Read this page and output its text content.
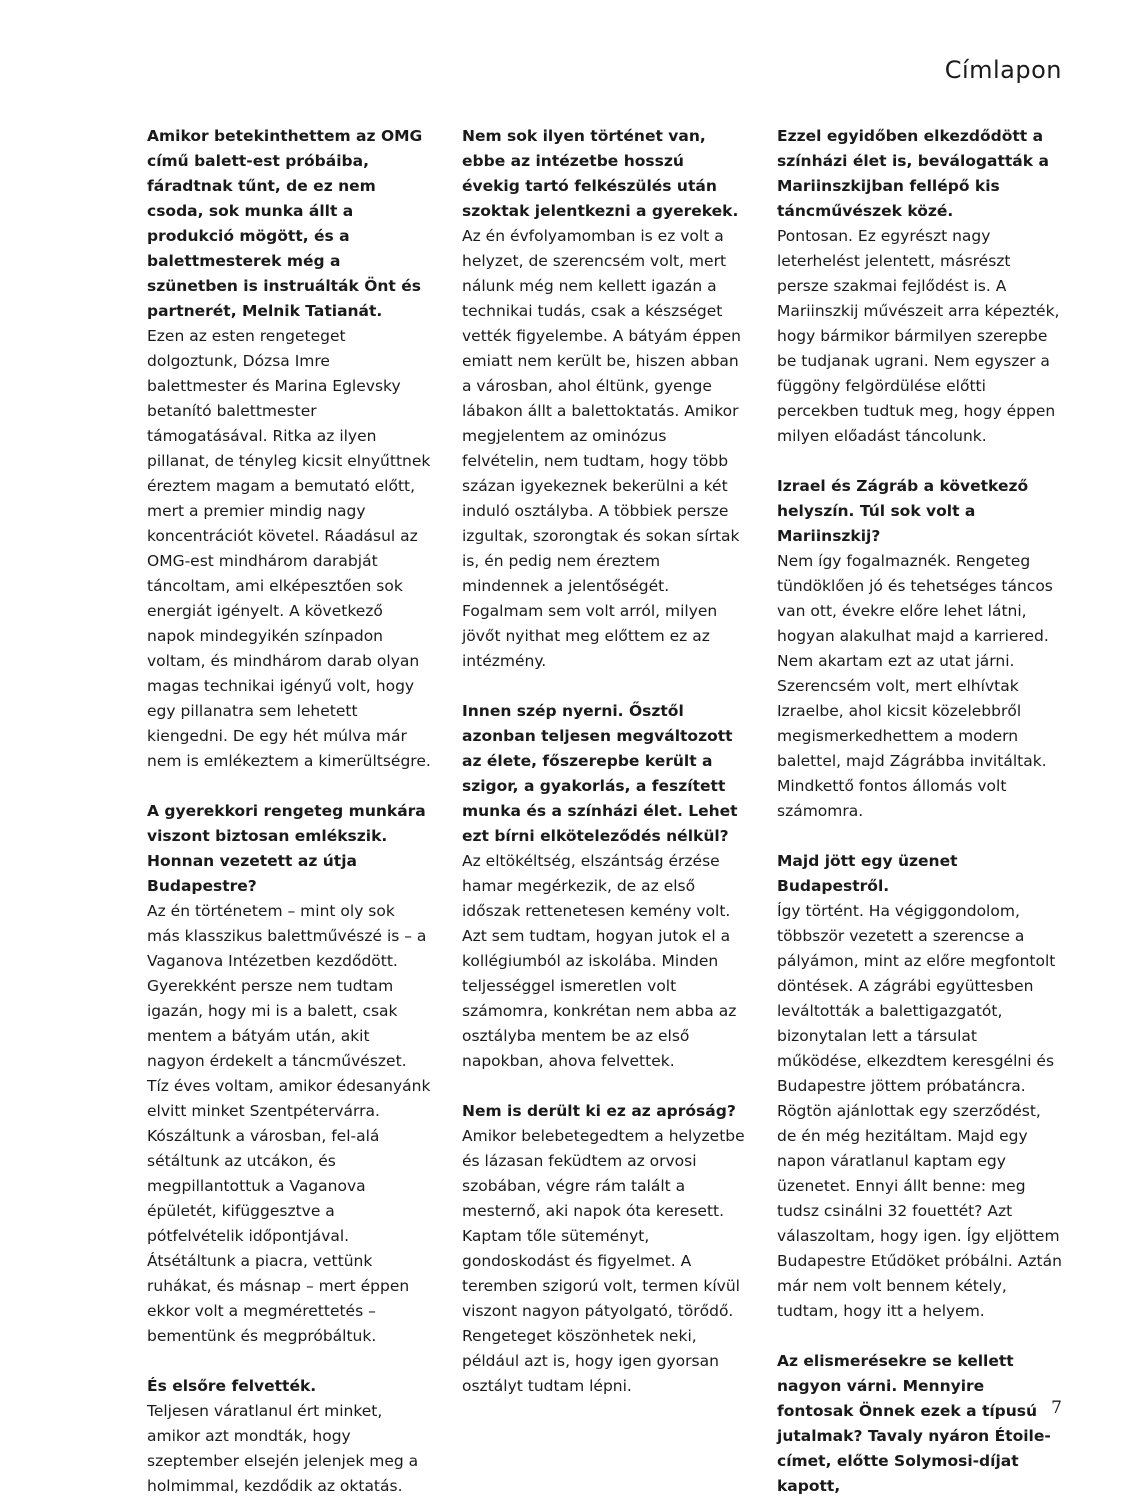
Címlapon

Amikor betekinthettem az OMG című balett-est próbáiba, fáradtnak tűnt, de ez nem csoda, sok munka állt a produkció mögött, és a balettmesterek még a szünetben is instruálták Önt és partnerét, Melnik Tatianát.

Ezen az esten rengeteget dolgoztunk, Dózsa Imre balettmester és Marina Eglevsky betanító balettmester támogatásával. Ritka az ilyen pillanat, de tényleg kicsit elnyűttnek éreztem magam a bemutató előtt, mert a premier mindig nagy koncentrációt követel. Ráadásul az OMG-est mindhárom darabját táncoltam, ami elképesztően sok energiát igényelt. A következő napok mindegyikén színpadon voltam, és mindhárom darab olyan magas technikai igényű volt, hogy egy pillanatra sem lehetett kiengedni. De egy hét múlva már nem is emlékeztem a kimerültségre.

A gyerekkori rengeteg munkára viszont biztosan emlékszik. Honnan vezetett az útja Budapestre?

Az én történetem – mint oly sok más klasszikus balettművészé is – a Vaganova Intézetben kezdődött. Gyerekként persze nem tudtam igazán, hogy mi is a balett, csak mentem a bátyám után, akit nagyon érdekelt a táncművészet. Tíz éves voltam, amikor édesanyánk elvitt minket Szentpétervárra. Kószáltunk a városban, fel-alá sétáltunk az utcákon, és megpillantottuk a Vaganova épületét, kifüggesztve a pótfelvételik időpontjával. Átsétáltunk a piacra, vettünk ruhákat, és másnap – mert éppen ekkor volt a megmérettetés – bementünk és megpróbáltuk.

És elsőre felvették.

Teljesen váratlanul ért minket, amikor azt mondták, hogy szeptember elsején jelenjek meg a holmimmal, kezdődik az oktatás.

Nem sok ilyen történet van, ebbe az intézetbe hosszú évekig tartó felkészülés után szoktak jelentkezni a gyerekek.

Az én évfolyamomban is ez volt a helyzet, de szerencsém volt, mert nálunk még nem kellett igazán a technikai tudás, csak a készséget vették figyelembe. A bátyám éppen emiatt nem került be, hiszen abban a városban, ahol éltünk, gyenge lábakon állt a balettoktatás. Amikor megjelentem az ominózus felvételin, nem tudtam, hogy több százan igyekeznek bekerülni a két induló osztályba. A többiek persze izgultak, szorongtak és sokan sírtak is, én pedig nem éreztem mindennek a jelentőségét. Fogalmam sem volt arról, milyen jövőt nyithat meg előttem ez az intézmény.

Innen szép nyerni. Ősztől azonban teljesen megváltozott az élete, főszerepbe került a szigor, a gyakorlás, a feszített munka és a színházi élet. Lehet ezt bírni elköteleződés nélkül?

Az eltökéltség, elszántság érzése hamar megérkezik, de az első időszak rettenetesen kemény volt. Azt sem tudtam, hogyan jutok el a kollégiumból az iskolába. Minden teljességgel ismeretlen volt számomra, konkrétan nem abba az osztályba mentem be az első napokban, ahova felvettek.

Nem is derült ki ez az apróság?

Amikor belebetegedtem a helyzetbe és lázasan feküdtem az orvosi szobában, végre rám talált a mesternő, aki napok óta keresett. Kaptam tőle süteményt, gondoskodást és figyelmet. A teremben szigorú volt, termen kívül viszont nagyon pátyolgató, törődő. Rengeteget köszönhetek neki, például azt is, hogy igen gyorsan osztályt tudtam lépni.

Ezzel egyidőben elkezdődött a színházi élet is, beválogatták a Mariinszkijban fellépő kis táncművészek közé.

Pontosan. Ez egyrészt nagy leterhelést jelentett, másrészt persze szakmai fejlődést is. A Mariinszkij művészeit arra képezték, hogy bármikor bármilyen szerepbe be tudjanak ugrani. Nem egyszer a függöny felgördülése előtti percekben tudtuk meg, hogy éppen milyen előadást táncolunk.

Izrael és Zágráb a következő helyszín. Túl sok volt a Mariinszkij?

Nem így fogalmaznék. Rengeteg tündöklően jó és tehetséges táncos van ott, évekre előre lehet látni, hogyan alakulhat majd a karriered. Nem akartam ezt az utat járni. Szerencsém volt, mert elhívtak Izraelbe, ahol kicsit közelebbről megismerkedhettem a modern balettel, majd Zágrábba invitáltak. Mindkettő fontos állomás volt számomra.

Majd jött egy üzenet Budapestről.

Így történt. Ha végiggondolom, többször vezetett a szerencse a pályámon, mint az előre megfontolt döntések. A zágrábi együttesben leváltották a balettigazgatót, bizonytalan lett a társulat működése, elkezdtem keresgélni és Budapestre jöttem próbatáncra. Rögtön ajánlottak egy szerződést, de én még hezitáltam. Majd egy napon váratlanul kaptam egy üzenetet. Ennyi állt benne: meg tudsz csinálni 32 fouettét? Azt válaszoltam, hogy igen. Így eljöttem Budapestre Etűdöket próbálni. Aztán már nem volt bennem kétely, tudtam, hogy itt a helyem.

Az elismerésekre se kellett nagyon várni. Mennyire fontosak Önnek ezek a típusú jutalmak? Tavaly nyáron Étoile-címet, előtte Solymosi-díjat kapott,

7
